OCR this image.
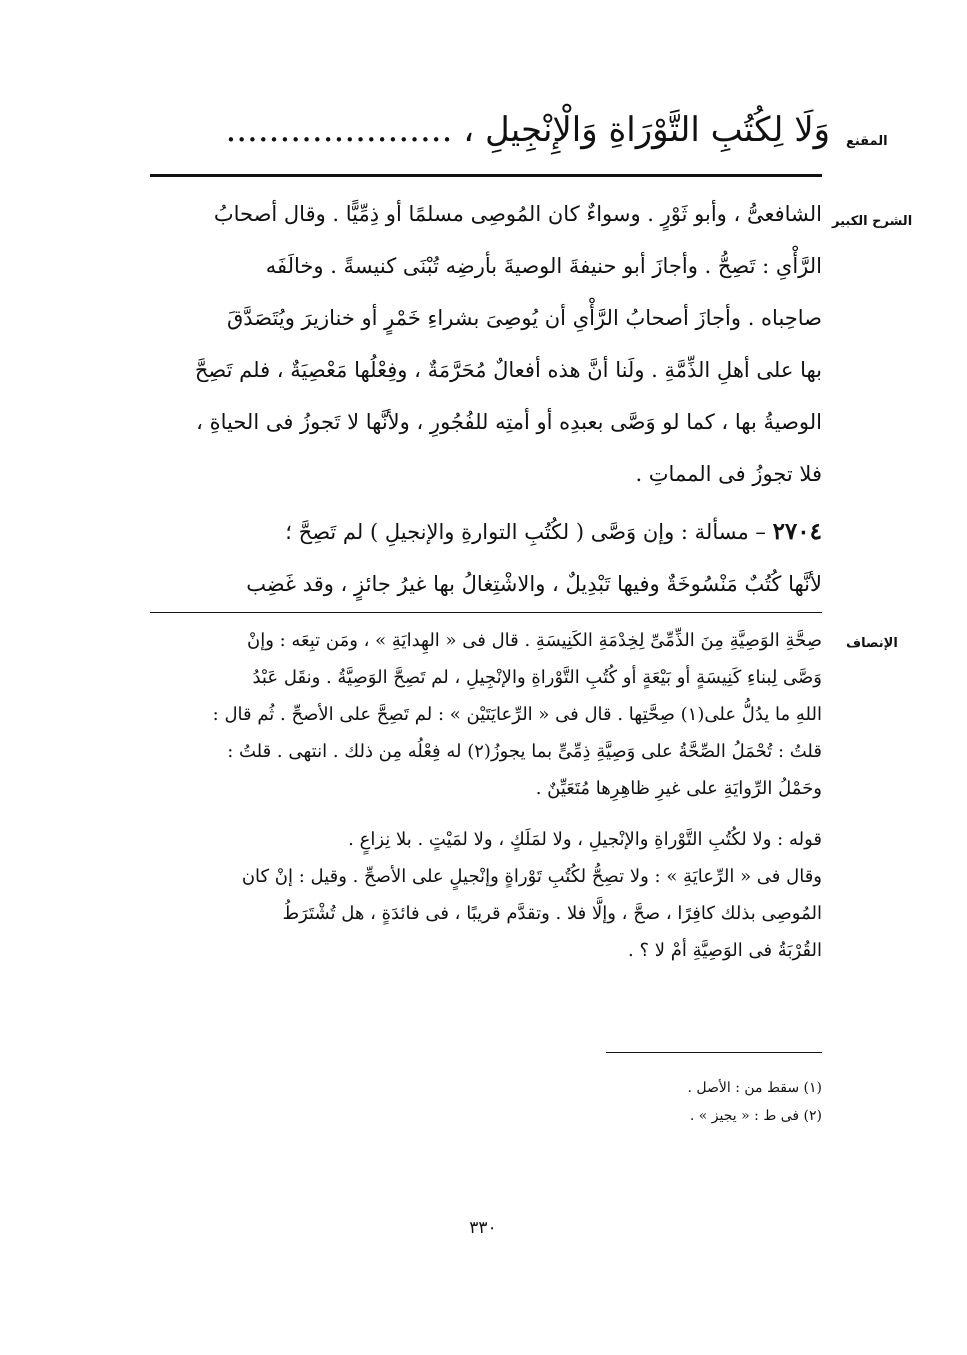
المقنع
الشرح الكبير
الإنصاف
وَلَا لِكُتُبِ التَّوْرَاةِ وَالْإِنْجِيلِ ، .....................
الشافعىُّ ، وأبو ثَوْرٍ . وسواءٌ كان المُوصِى مسلمًا أو ذِمِّيًّا . وقال أصحابُ
الرَّأْىِ : تَصِحُّ . وأجازَ أبو حنيفةَ الوصيةَ بأرضِه تُبْنَى كنيسةً . وخالَفَه
صاحِباه . وأجازَ أصحابُ الرَّأْىِ أن يُوصِىَ بشراءِ خَمْرٍ أو خنازيرَ ويُتَصَدَّقَ
بها على أهلِ الذِّمَّةِ . ولَنا أنَّ هذه أفعالٌ مُحَرَّمَةٌ ، وفِعْلُها مَعْصِيَةٌ ، فلم تَصِحَّ
الوصيةُ بها ، كما لو وَصَّى بعبدِه أو أمتِه للفُجُورِ ، ولأنَّها لا تَجوزُ فى الحياةِ ،
فلا تجوزُ فى المماتِ .
٢٧٠٤ – مسألة : وإن وَصَّى ( لكُتُبِ التوارةِ والإنجيلِ ) لم تَصِحَّ ؛
لأنَّها كُتُبٌ مَنْسُوخَةٌ وفيها تَبْدِيلٌ ، والاشْتِغالُ بها غيرُ جائزٍ ، وقد غَضِب
صِحَّةِ الوَصِيَّةِ مِنَ الذِّمِّىِّ لِخِدْمَةِ الكَنِيسَةِ . قال فى « الهِدايَةِ » ، ومَن تبِعَه : وإنْ
وَصَّى لِبناءِ كَنِيسَةٍ أو بَيْعَةٍ أو كُتُبِ التَّوْراةِ والإنْجِيلِ ، لم تَصِحَّ الوَصِيَّةُ . ونقَل عَبْدُ
اللهِ ما يدُلُّ على(١) صِحَّتِها . قال فى « الرِّعايَتَيْن » : لم تَصِحَّ على الأصحِّ . ثُم قال :
قلتُ : تُحْمَلُ الصِّحَّةُ على وَصِيَّةِ ذِمِّىٍّ بما يجوزُ(٢) له فِعْلُه مِن ذلك . انتهى . قلتُ :
وحَمْلُ الرِّوايَةِ على غيرِ ظاهِرِها مُتَعَيِّنٌ .
قوله : ولا لكُتُبِ التَّوْراةِ والإنْجيلِ ، ولا لمَلَكٍ ، ولا لمَيْتٍ . بلا نِزاعٍ .
وقال فى « الرِّعايَةِ » : ولا تصِحُّ لكُتُبِ تَوْراةٍ وإنْجيلٍ على الأصحِّ . وقيل : إنْ كان
المُوصِى بذلك كافِرًا ، صحَّ ، وإلَّا فلا . وتقدَّم قريبًا ، فى فائدَةٍ ، هل تُشْتَرَطُ
القُرْبَةُ فى الوَصِيَّةِ أمْ لا ؟ .
(١) سقط من : الأصل .
(٢) فى ط : « يجيز » .
٣٣٠
